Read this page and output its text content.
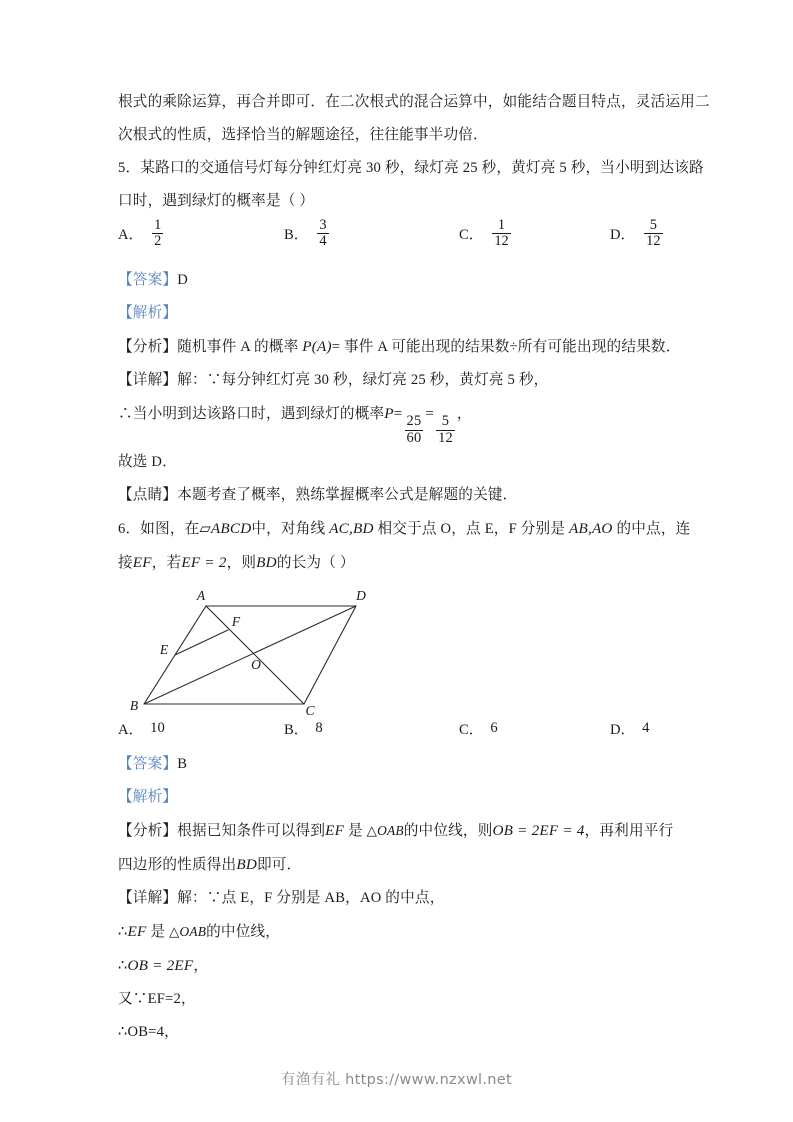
根式的乘除运算，再合并即可．在二次根式的混合运算中，如能结合题目特点，灵活运用二
次根式的性质，选择恰当的解题途径，往往能事半功倍．
5．某路口的交通信号灯每分钟红灯亮 30 秒，绿灯亮 25 秒，黄灯亮 5 秒，当小明到达该路
口时，遇到绿灯的概率是（ ）
A． $\frac{1}{2}$	B． $\frac{3}{4}$	C． $\frac{1}{12}$	D． $\frac{5}{12}$
【答案】D
【解析】
【分析】随机事件 A 的概率 P(A)= 事件 A 可能出现的结果数÷所有可能出现的结果数．
【详解】解：∵每分钟红灯亮 30 秒，绿灯亮 25 秒，黄灯亮 5 秒，
∴当小明到达该路口时，遇到绿灯的概率P=
$\frac{25}{60}$
=
$\frac{5}{12}$
，
故选 D．
【点睛】本题考查了概率，熟练掌握概率公式是解题的关键．
6．如图，在▱ABCD中，对角线 AC,BD 相交于点 O，点 E，F 分别是 AB,AO 的中点，连
接EF，若EF = 2，则BD的长为（ ）
A	D
F
E
O
B	C
A． 10	B． 8	C． 6	D． 4
【答案】B
【解析】
【分析】根据已知条件可以得到EF 是 △OAB的中位线，则OB = 2EF = 4，再利用平行
四边形的性质得出BD即可．
【详解】解：∵点 E，F 分别是 AB，AO 的中点，
∴EF 是 △OAB的中位线，
∴OB = 2EF，
又∵EF=2，
∴OB=4，
有渔有礼 https://www.nzxwl.net
